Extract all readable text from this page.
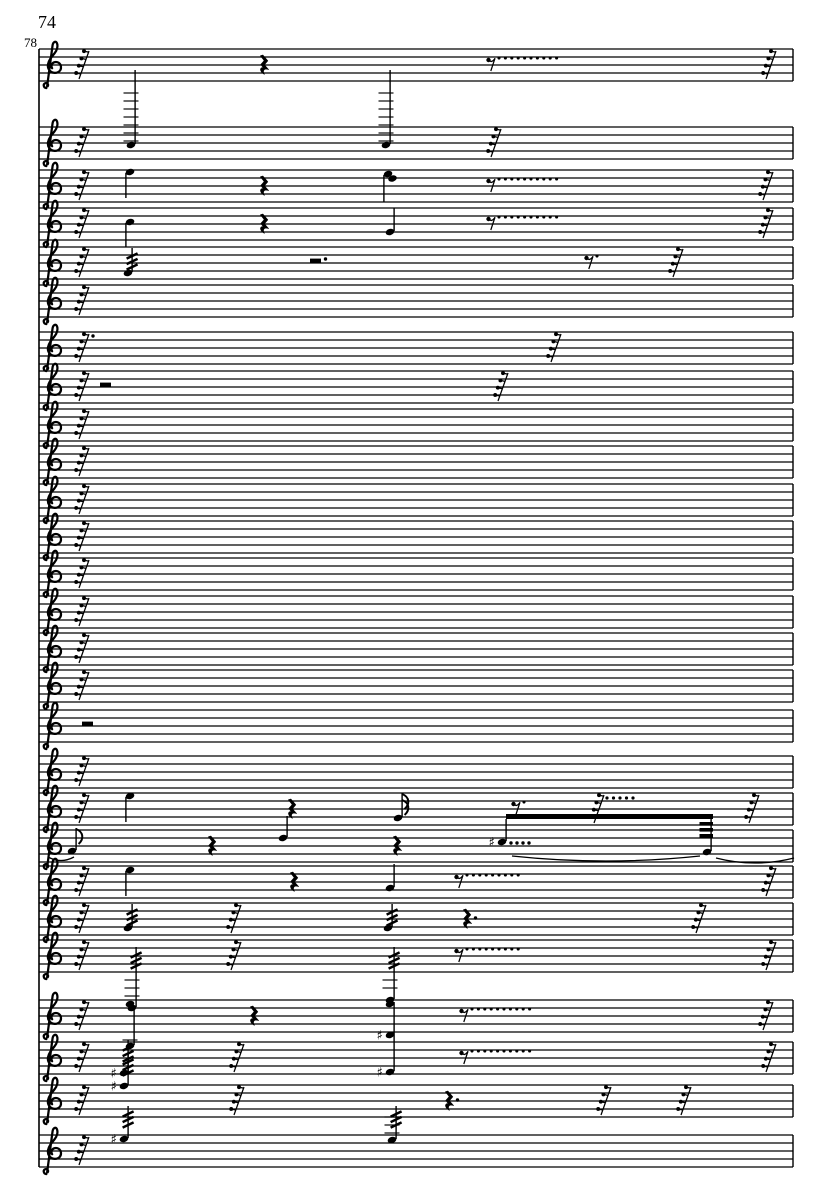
74
78
♯
♯
♯	♯
♯
♯
